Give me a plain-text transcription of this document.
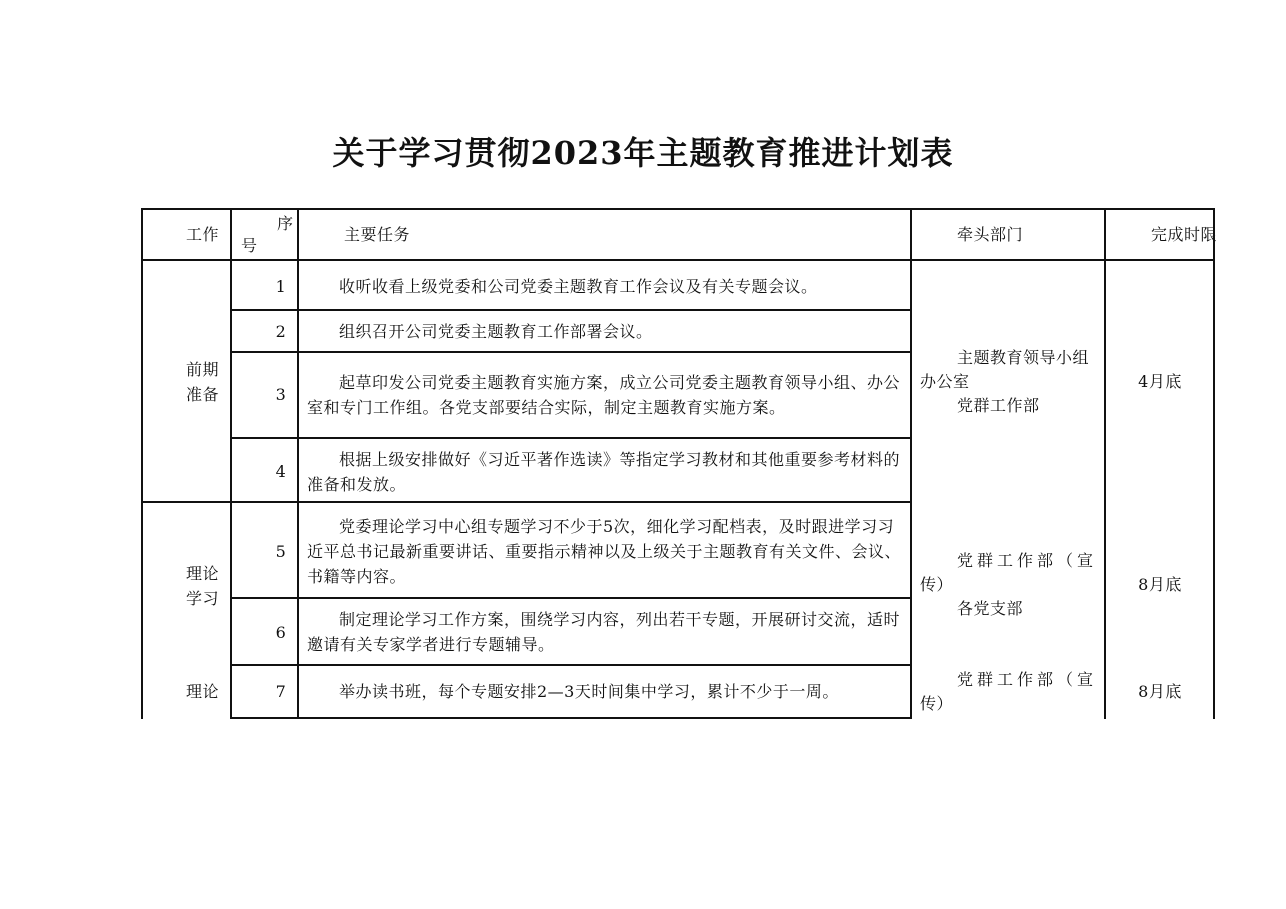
关于学习贯彻2023年主题教育推进计划表
工作
序
号
主要任务	牵头部门	完成时限
前期
准备
理论
学习
理论
1
2
3
4
5
6
7

收听收看上级党委和公司党委主题教育工作会议及有关专题会议。

组织召开公司党委主题教育工作部署会议。

起草印发公司党委主题教育实施方案，成立公司党委主题教育领导小组、办公室和专门工作组。各党支部要结合实际，制定主题教育实施方案。

根据上级安排做好《习近平著作选读》等指定学习教材和其他重要参考材料的准备和发放。

党委理论学习中心组专题学习不少于5次，细化学习配档表，及时跟进学习习近平总书记最新重要讲话、重要指示精神以及上级关于主题教育有关文件、会议、书籍等内容。

制定理论学习工作方案，围绕学习内容，列出若干专题，开展研讨交流，适时邀请有关专家学者进行专题辅导。

举办读书班，每个专题安排2—3天时间集中学习，累计不少于一周。

主题教育领导小组
办公室
党群工作部
党群工作部（宣
传）
各党支部
党群工作部（宣
传）
4月底
8月底
8月底
